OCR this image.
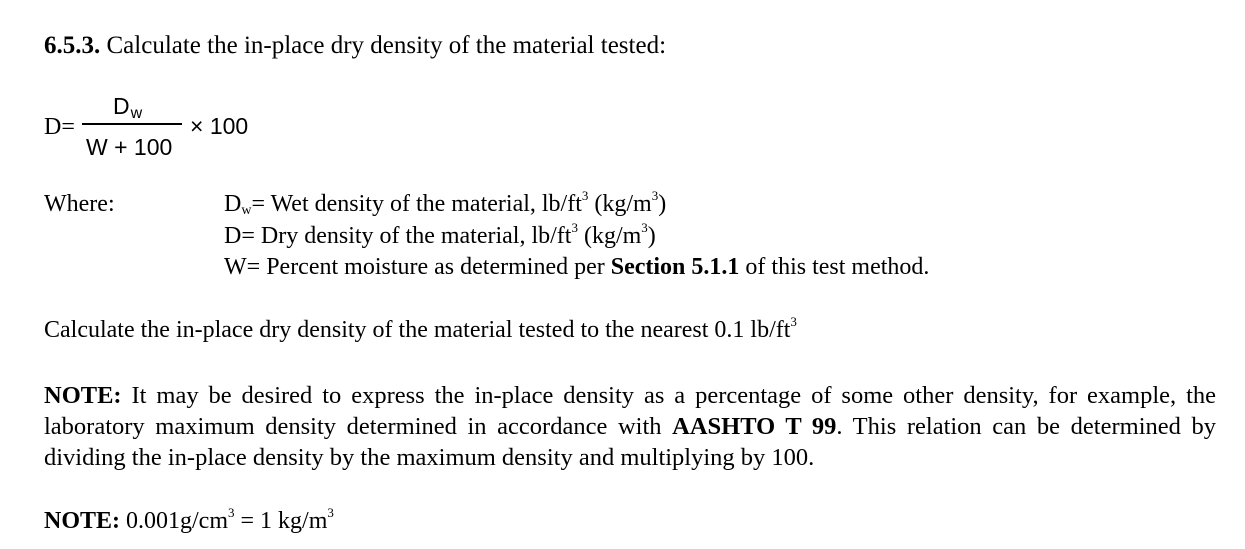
6.5.3. Calculate the in-place dry density of the material tested:
D=
$D_w$
W + 100
× 100
Where:	$D_w=$ Wet density of the material, $lb/ft^3$ $(kg/m^3)$
D= Dry density of the material, $lb/ft^3$ $(kg/m^3)$
W= Percent moisture as determined per Section 5.1.1 of this test method.
Calculate the in-place dry density of the material tested to the nearest 0.1 $lb/ft^3$
NOTE: It may be desired to express the in-place density as a percentage of some other density, for example, the laboratory maximum density determined in accordance with AASHTO T 99. This relation can be determined by dividing the in-place density by the maximum density and multiplying by 100.
NOTE: $0.001g/cm^3 = 1$ $kg/m^3$
